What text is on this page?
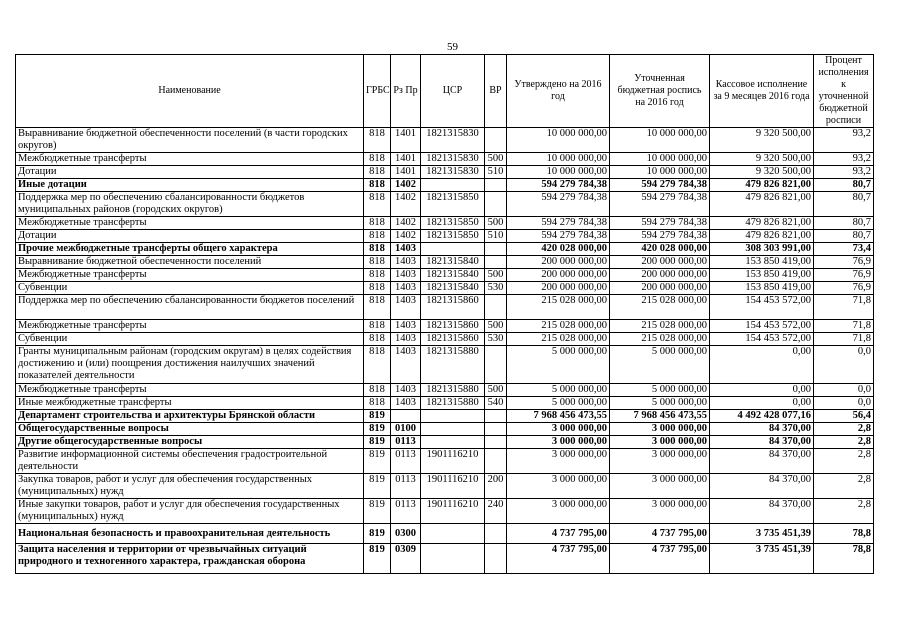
59
Наименование	ГРБС	Рз Пр	ЦСР	ВР	Утверждено на 2016 год	Уточненная бюджетная роспись на 2016 год	Кассовое исполнение за 9 месяцев 2016 года	Процент исполнения к уточненной бюджетной росписи
Выравнивание бюджетной обеспеченности поселений (в части городских округов)	818	1401	1821315830		10 000 000,00	10 000 000,00	9 320 500,00	93,2
Межбюджетные трансферты	818	1401	1821315830	500	10 000 000,00	10 000 000,00	9 320 500,00	93,2
Дотации	818	1401	1821315830	510	10 000 000,00	10 000 000,00	9 320 500,00	93,2
Иные дотации	818	1402			594 279 784,38	594 279 784,38	479 826 821,00	80,7
Поддержка мер по обеспечению сбалансированности бюджетов муниципальных районов (городских округов)	818	1402	1821315850		594 279 784,38	594 279 784,38	479 826 821,00	80,7
Межбюджетные трансферты	818	1402	1821315850	500	594 279 784,38	594 279 784,38	479 826 821,00	80,7
Дотации	818	1402	1821315850	510	594 279 784,38	594 279 784,38	479 826 821,00	80,7
Прочие межбюджетные трансферты общего характера	818	1403			420 028 000,00	420 028 000,00	308 303 991,00	73,4
Выравнивание бюджетной обеспеченности поселений	818	1403	1821315840		200 000 000,00	200 000 000,00	153 850 419,00	76,9
Межбюджетные трансферты	818	1403	1821315840	500	200 000 000,00	200 000 000,00	153 850 419,00	76,9
Субвенции	818	1403	1821315840	530	200 000 000,00	200 000 000,00	153 850 419,00	76,9
Поддержка мер по обеспечению сбалансированности бюджетов поселений	818	1403	1821315860		215 028 000,00	215 028 000,00	154 453 572,00	71,8
Межбюджетные трансферты	818	1403	1821315860	500	215 028 000,00	215 028 000,00	154 453 572,00	71,8
Субвенции	818	1403	1821315860	530	215 028 000,00	215 028 000,00	154 453 572,00	71,8
Гранты муниципальным районам (городским округам) в целях содействия достижению и (или) поощрения достижения наилучших значений показателей деятельности	818	1403	1821315880		5 000 000,00	5 000 000,00	0,00	0,0
Межбюджетные трансферты	818	1403	1821315880	500	5 000 000,00	5 000 000,00	0,00	0,0
Иные межбюджетные трансферты	818	1403	1821315880	540	5 000 000,00	5 000 000,00	0,00	0,0
Департамент строительства и архитектуры Брянской области	819				7 968 456 473,55	7 968 456 473,55	4 492 428 077,16	56,4
Общегосударственные вопросы	819	0100			3 000 000,00	3 000 000,00	84 370,00	2,8
Другие общегосударственные вопросы	819	0113			3 000 000,00	3 000 000,00	84 370,00	2,8
Развитие информационной системы обеспечения градостроительной деятельности	819	0113	1901116210		3 000 000,00	3 000 000,00	84 370,00	2,8
Закупка товаров, работ и услуг для обеспечения государственных (муниципальных) нужд	819	0113	1901116210	200	3 000 000,00	3 000 000,00	84 370,00	2,8
Иные закупки товаров, работ и услуг для обеспечения государственных (муниципальных) нужд	819	0113	1901116210	240	3 000 000,00	3 000 000,00	84 370,00	2,8
Национальная безопасность и правоохранительная деятельность	819	0300			4 737 795,00	4 737 795,00	3 735 451,39	78,8
Защита населения и территории от чрезвычайных ситуаций природного и техногенного характера, гражданская оборона	819	0309			4 737 795,00	4 737 795,00	3 735 451,39	78,8
